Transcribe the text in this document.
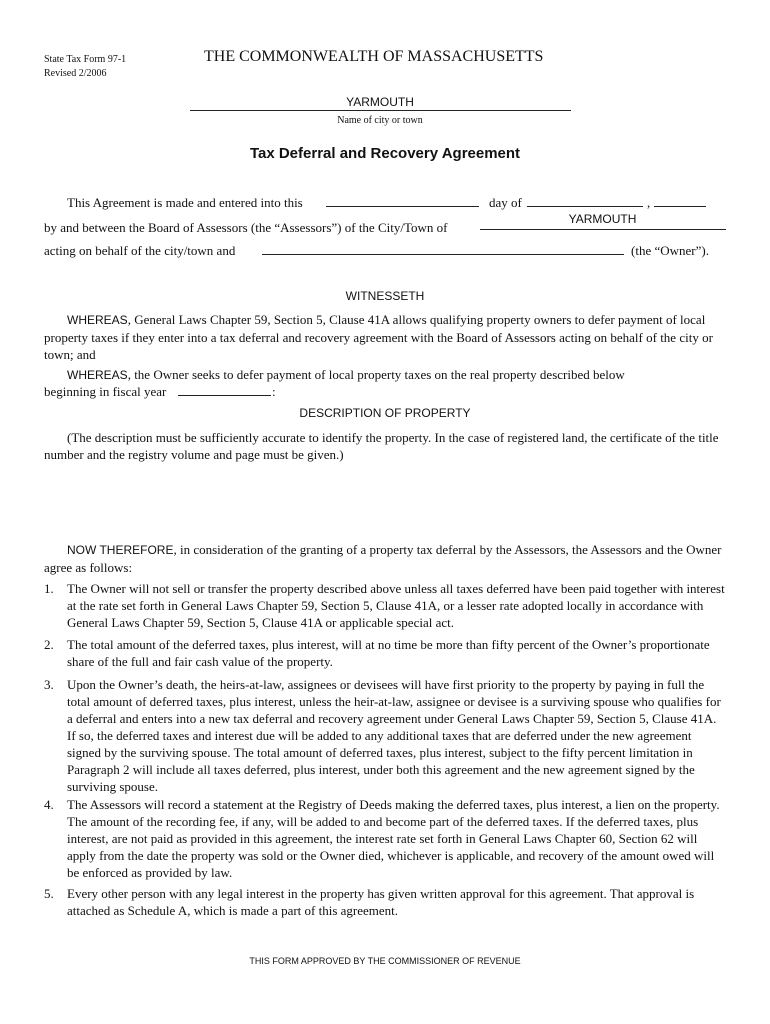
State Tax Form 97-1
Revised 2/2006
THE COMMONWEALTH OF MASSACHUSETTS
YARMOUTH
Name of city or town
Tax Deferral and Recovery Agreement
This Agreement is made and entered into this	day of	,
by and between the Board of Assessors (the “Assessors”) of the City/Town of
YARMOUTH
acting on behalf of the city/town and	(the “Owner”).
WITNESSETH
WHEREAS, General Laws Chapter 59, Section 5, Clause 41A allows qualifying property owners to defer payment of local property taxes if they enter into a tax deferral and recovery agreement with the Board of Assessors acting on behalf of the city or town; and
WHEREAS, the Owner seeks to defer payment of local property taxes on the real property described below
beginning in fiscal year	:
DESCRIPTION OF PROPERTY
(The description must be sufficiently accurate to identify the property. In the case of registered land, the certificate of the title number and the registry volume and page must be given.)
NOW THEREFORE, in consideration of the granting of a property tax deferral by the Assessors, the Assessors and the Owner agree as follows:
1. The Owner will not sell or transfer the property described above unless all taxes deferred have been paid together with interest at the rate set forth in General Laws Chapter 59, Section 5, Clause 41A, or a lesser rate adopted locally in accordance with General Laws Chapter 59, Section 5, Clause 41A or applicable special act.
2. The total amount of the deferred taxes, plus interest, will at no time be more than fifty percent of the Owner’s proportionate share of the full and fair cash value of the property.
3. Upon the Owner’s death, the heirs-at-law, assignees or devisees will have first priority to the property by paying in full the total amount of deferred taxes, plus interest, unless the heir-at-law, assignee or devisee is a surviving spouse who qualifies for a deferral and enters into a new tax deferral and recovery agreement under General Laws Chapter 59, Section 5, Clause 41A. If so, the deferred taxes and interest due will be added to any additional taxes that are deferred under the new agreement signed by the surviving spouse. The total amount of deferred taxes, plus interest, subject to the fifty percent limitation in Paragraph 2 will include all taxes deferred, plus interest, under both this agreement and the new agreement signed by the surviving spouse.
4. The Assessors will record a statement at the Registry of Deeds making the deferred taxes, plus interest, a lien on the property. The amount of the recording fee, if any, will be added to and become part of the deferred taxes. If the deferred taxes, plus interest, are not paid as provided in this agreement, the interest rate set forth in General Laws Chapter 60, Section 62 will apply from the date the property was sold or the Owner died, whichever is applicable, and recovery of the amount owed will be enforced as provided by law.
5. Every other person with any legal interest in the property has given written approval for this agreement. That approval is attached as Schedule A, which is made a part of this agreement.
THIS FORM APPROVED BY THE COMMISSIONER OF REVENUE
